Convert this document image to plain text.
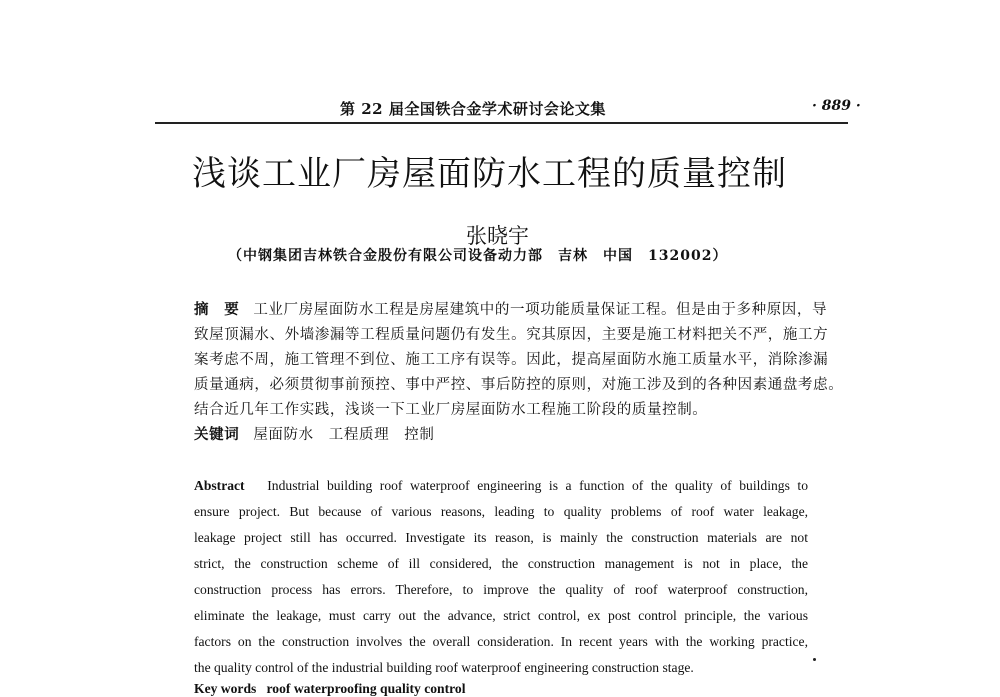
第 22 届全国铁合金学术研讨会论文集	· 889 ·
浅谈工业厂房屋面防水工程的质量控制
张晓宇
（中钢集团吉林铁合金股份有限公司设备动力部　吉林　中国　132002）
摘　要 工业厂房屋面防水工程是房屋建筑中的一项功能质量保证工程。但是由于多种原因，导
致屋顶漏水、外墙渗漏等工程质量问题仍有发生。究其原因，主要是施工材料把关不严，施工方
案考虑不周，施工管理不到位、施工工序有误等。因此，提高屋面防水施工质量水平，消除渗漏
质量通病，必须贯彻事前预控、事中严控、事后防控的原则，对施工涉及到的各种因素通盘考虑。
结合近几年工作实践，浅谈一下工业厂房屋面防水工程施工阶段的质量控制。
关键词 屋面防水　工程质理　控制
Abstract Industrial building roof waterproof engineering is a function of the quality of buildings to
ensure project. But because of various reasons, leading to quality problems of roof water leakage,
leakage project still has occurred. Investigate its reason, is mainly the construction materials are not
strict, the construction scheme of ill considered, the construction management is not in place, the
construction process has errors. Therefore, to improve the quality of roof waterproof construction,
eliminate the leakage, must carry out the advance, strict control, ex post control principle, the various
factors on the construction involves the overall consideration. In recent years with the working practice,
the quality control of the industrial building roof waterproof engineering construction stage.
Key words roof waterproofing quality control
